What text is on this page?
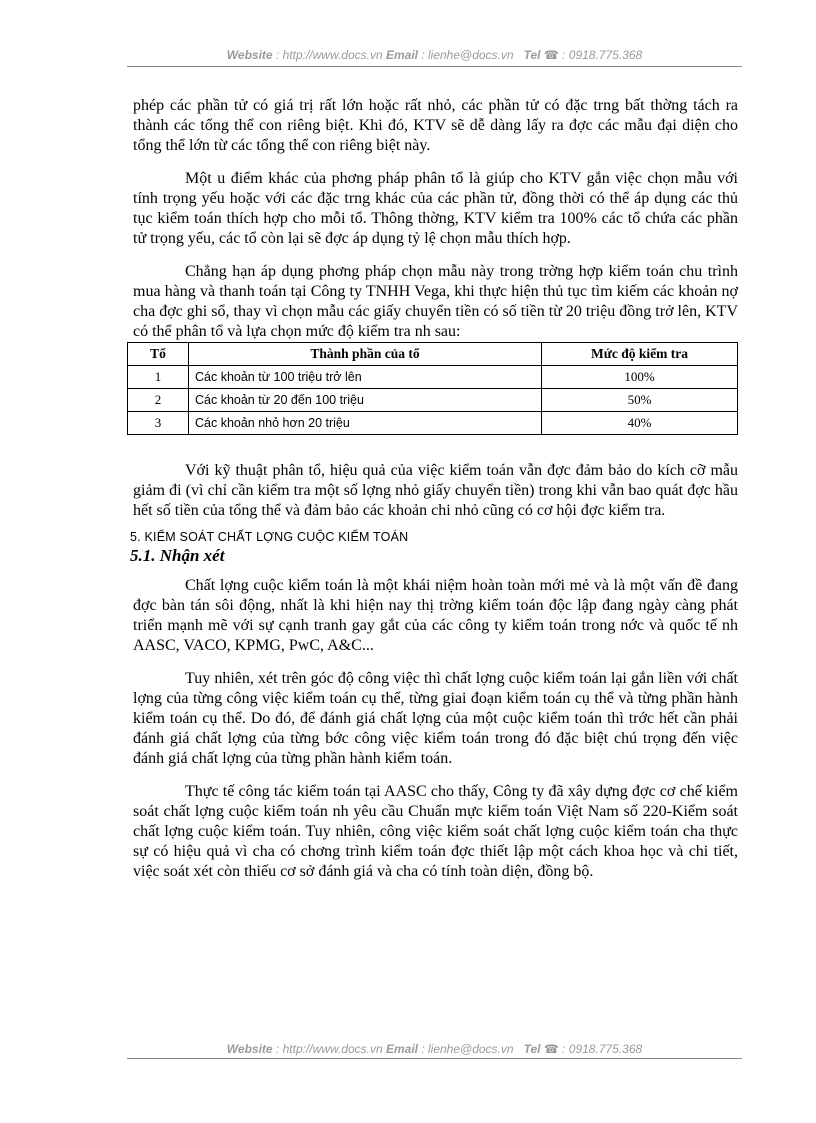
Website : http://www.docs.vn Email : lienhe@docs.vn   Tel ☎ : 0918.775.368

phép các phần tử có giá trị rất lớn hoặc rất nhỏ, các phần tử có đặc trng bất thờng tách ra thành các tổng thể con riêng biệt. Khi đó, KTV sẽ dễ dàng lấy ra đợc các mẫu đại diện cho tổng thể lớn từ các tổng thể con riêng biệt này.

Một u điểm khác của phơng pháp phân tổ là giúp cho KTV gắn việc chọn mẫu với tính trọng yếu hoặc với các đặc trng khác của các phần tử, đồng thời có thể áp dụng các thủ tục kiểm toán thích hợp cho mỗi tổ. Thông thờng, KTV kiểm tra 100% các tổ chứa các phần tử trọng yếu, các tổ còn lại sẽ đợc áp dụng tỷ lệ chọn mẫu thích hợp.

Chẳng hạn áp dụng phơng pháp chọn mẫu này trong trờng hợp kiểm toán chu trình mua hàng và thanh toán tại Công ty TNHH Vega, khi thực hiện thủ tục tìm kiếm các khoản nợ cha đợc ghi sổ, thay vì chọn mẫu các giấy chuyển tiền có số tiền từ 20 triệu đồng trở lên, KTV có thể phân tổ và lựa chọn mức độ kiểm tra nh sau:

Tổ	Thành phần của tổ	Mức độ kiểm tra
1	Các khoản từ 100 triệu trở lên	100%
2	Các khoản từ 20 đến 100 triệu	50%
3	Các khoản nhỏ hơn 20 triệu	40%

Với kỹ thuật phân tổ, hiệu quả của việc kiểm toán vẫn đợc đảm bảo do kích cỡ mẫu giảm đi (vì chỉ cần kiểm tra một số lợng nhỏ giấy chuyển tiền) trong khi vẫn bao quát đợc hầu hết số tiền của tổng thể và đảm bảo các khoản chi nhỏ cũng có cơ hội đợc kiểm tra.

5. KIỂM SOÁT CHẤT LỢNG CUỘC KIỂM TOÁN
5.1. Nhận xét

Chất lợng cuộc kiểm toán là một khái niệm hoàn toàn mới mẻ và là một vấn đề đang đợc bàn tán sôi động, nhất là khi hiện nay thị trờng kiểm toán độc lập đang ngày càng phát triển mạnh mẽ với sự cạnh tranh gay gắt của các công ty kiểm toán trong nớc và quốc tế nh AASC, VACO, KPMG, PwC, A&C...

Tuy nhiên, xét trên góc độ công việc thì chất lợng cuộc kiểm toán lại gắn liền với chất lợng của từng công việc kiểm toán cụ thể, từng giai đoạn kiểm toán cụ thể và từng phần hành kiểm toán cụ thể. Do đó, để đánh giá chất lợng của một cuộc kiểm toán thì trớc hết cần phải đánh giá chất lợng của từng bớc công việc kiểm toán trong đó đặc biệt chú trọng đến việc đánh giá chất lợng của từng phần hành kiểm toán.

Thực tế công tác kiểm toán tại AASC cho thấy, Công ty đã xây dựng đợc cơ chế kiểm soát chất lợng cuộc kiểm toán nh yêu cầu Chuẩn mực kiểm toán Việt Nam số 220-Kiểm soát chất lợng cuộc kiểm toán. Tuy nhiên, công việc kiểm soát chất lợng cuộc kiểm toán cha thực sự có hiệu quả vì cha có chơng trình kiểm toán đợc thiết lập một cách khoa học và chi tiết, việc soát xét còn thiếu cơ sở đánh giá và cha có tính toàn diện, đồng bộ.

Website : http://www.docs.vn Email : lienhe@docs.vn   Tel ☎ : 0918.775.368
